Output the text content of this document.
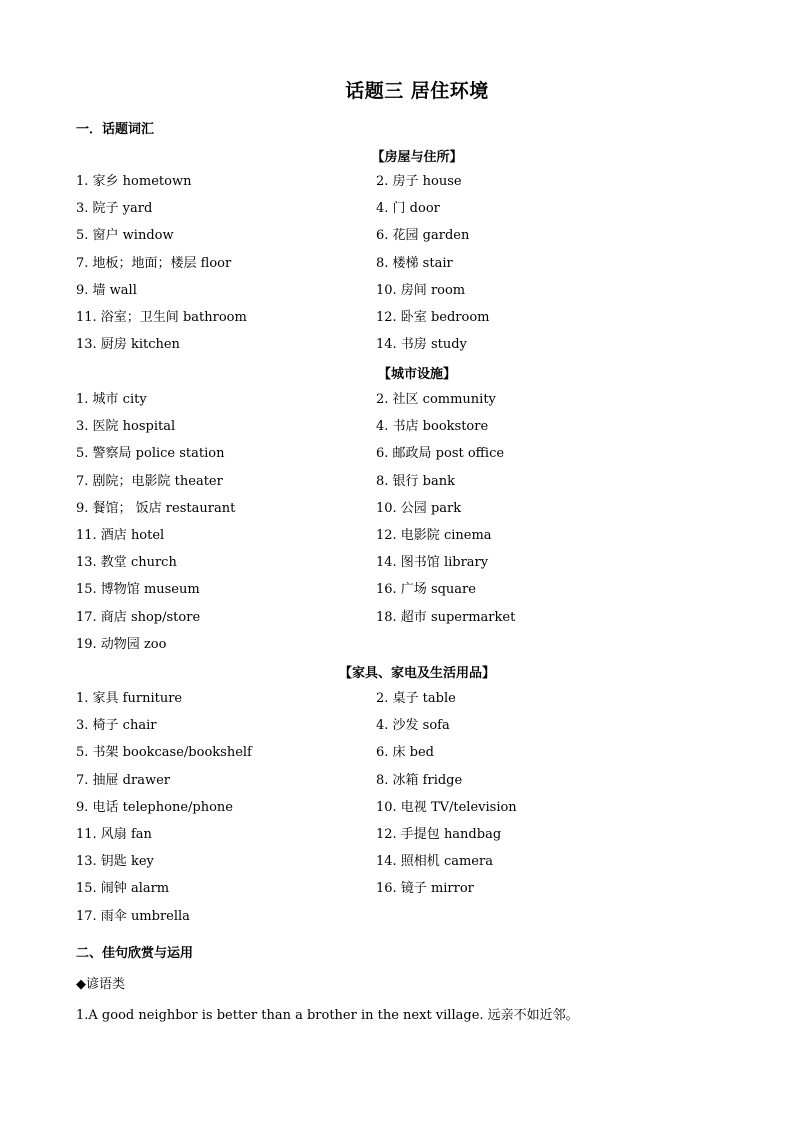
话题三 居住环境
一．话题词汇
【房屋与住所】
1. 家乡 hometown	2. 房子 house
3. 院子 yard	4. 门 door
5. 窗户 window	6. 花园 garden
7. 地板；地面；楼层 floor	8. 楼梯 stair
9. 墙 wall	10. 房间 room
11. 浴室；卫生间 bathroom	12. 卧室 bedroom
13. 厨房 kitchen	14. 书房 study
【城市设施】
1. 城市 city	2. 社区 community
3. 医院 hospital	4. 书店 bookstore
5. 警察局 police station	6. 邮政局 post office
7. 剧院；电影院 theater	8. 银行 bank
9. 餐馆； 饭店 restaurant	10. 公园 park
11. 酒店 hotel	12. 电影院 cinema
13. 教堂 church	14. 图书馆 library
15. 博物馆 museum	16. 广场 square
17. 商店 shop/store	18. 超市 supermarket
19. 动物园 zoo
【家具、家电及生活用品】
1. 家具 furniture	2. 桌子 table
3. 椅子 chair	4. 沙发 sofa
5. 书架 bookcase/bookshelf	6. 床 bed
7. 抽屉 drawer	8. 冰箱 fridge
9. 电话 telephone/phone	10. 电视 TV/television
11. 风扇 fan	12. 手提包 handbag
13. 钥匙 key	14. 照相机 camera
15. 闹钟 alarm	16. 镜子 mirror
17. 雨伞 umbrella
二、佳句欣赏与运用
◆谚语类
1.A good neighbor is better than a brother in the next village. 远亲不如近邻。
